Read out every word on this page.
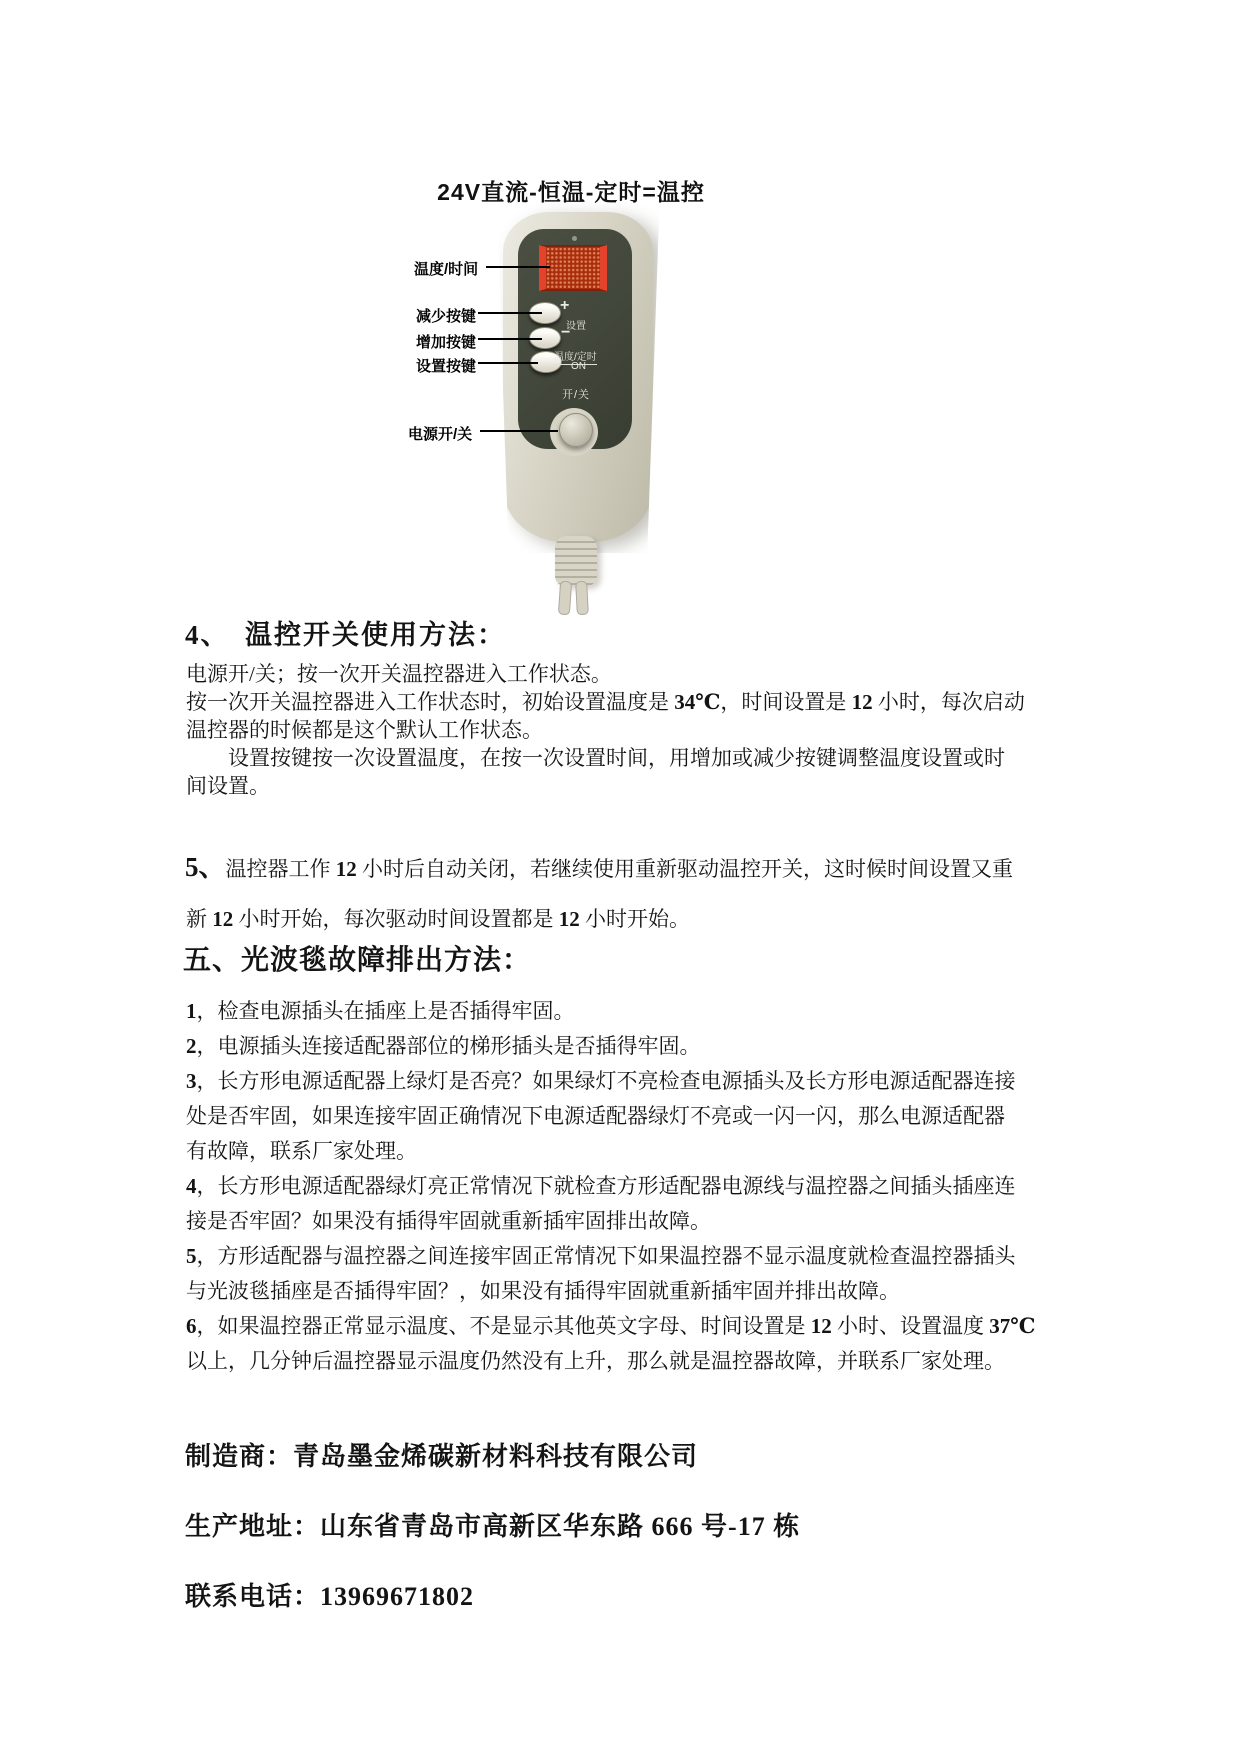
24V直流-恒温-定时=温控
+
设置
−
温度/定时
ON
开/关
温度/时间
减少按键
增加按键
设置按键
电源开/关
4、　温控开关使用方法：
电源开/关；按一次开关温控器进入工作状态。
按一次开关温控器进入工作状态时，初始设置温度是 34℃，时间设置是 12 小时，每次启动
温控器的时候都是这个默认工作状态。
设置按键按一次设置温度，在按一次设置时间，用增加或减少按键调整温度设置或时
间设置。
5、温控器工作 12 小时后自动关闭，若继续使用重新驱动温控开关，这时候时间设置又重
新 12 小时开始，每次驱动时间设置都是 12 小时开始。
五、光波毯故障排出方法：
1，检查电源插头在插座上是否插得牢固。
2，电源插头连接适配器部位的梯形插头是否插得牢固。
3，长方形电源适配器上绿灯是否亮？如果绿灯不亮检查电源插头及长方形电源适配器连接
处是否牢固，如果连接牢固正确情况下电源适配器绿灯不亮或一闪一闪，那么电源适配器
有故障，联系厂家处理。
4，长方形电源适配器绿灯亮正常情况下就检查方形适配器电源线与温控器之间插头插座连
接是否牢固？如果没有插得牢固就重新插牢固排出故障。
5，方形适配器与温控器之间连接牢固正常情况下如果温控器不显示温度就检查温控器插头
与光波毯插座是否插得牢固？，如果没有插得牢固就重新插牢固并排出故障。
6，如果温控器正常显示温度、不是显示其他英文字母、时间设置是 12 小时、设置温度 37℃
以上，几分钟后温控器显示温度仍然没有上升，那么就是温控器故障，并联系厂家处理。
制造商：青岛墨金烯碳新材料科技有限公司
生产地址：山东省青岛市高新区华东路 666 号-17 栋
联系电话：13969671802
